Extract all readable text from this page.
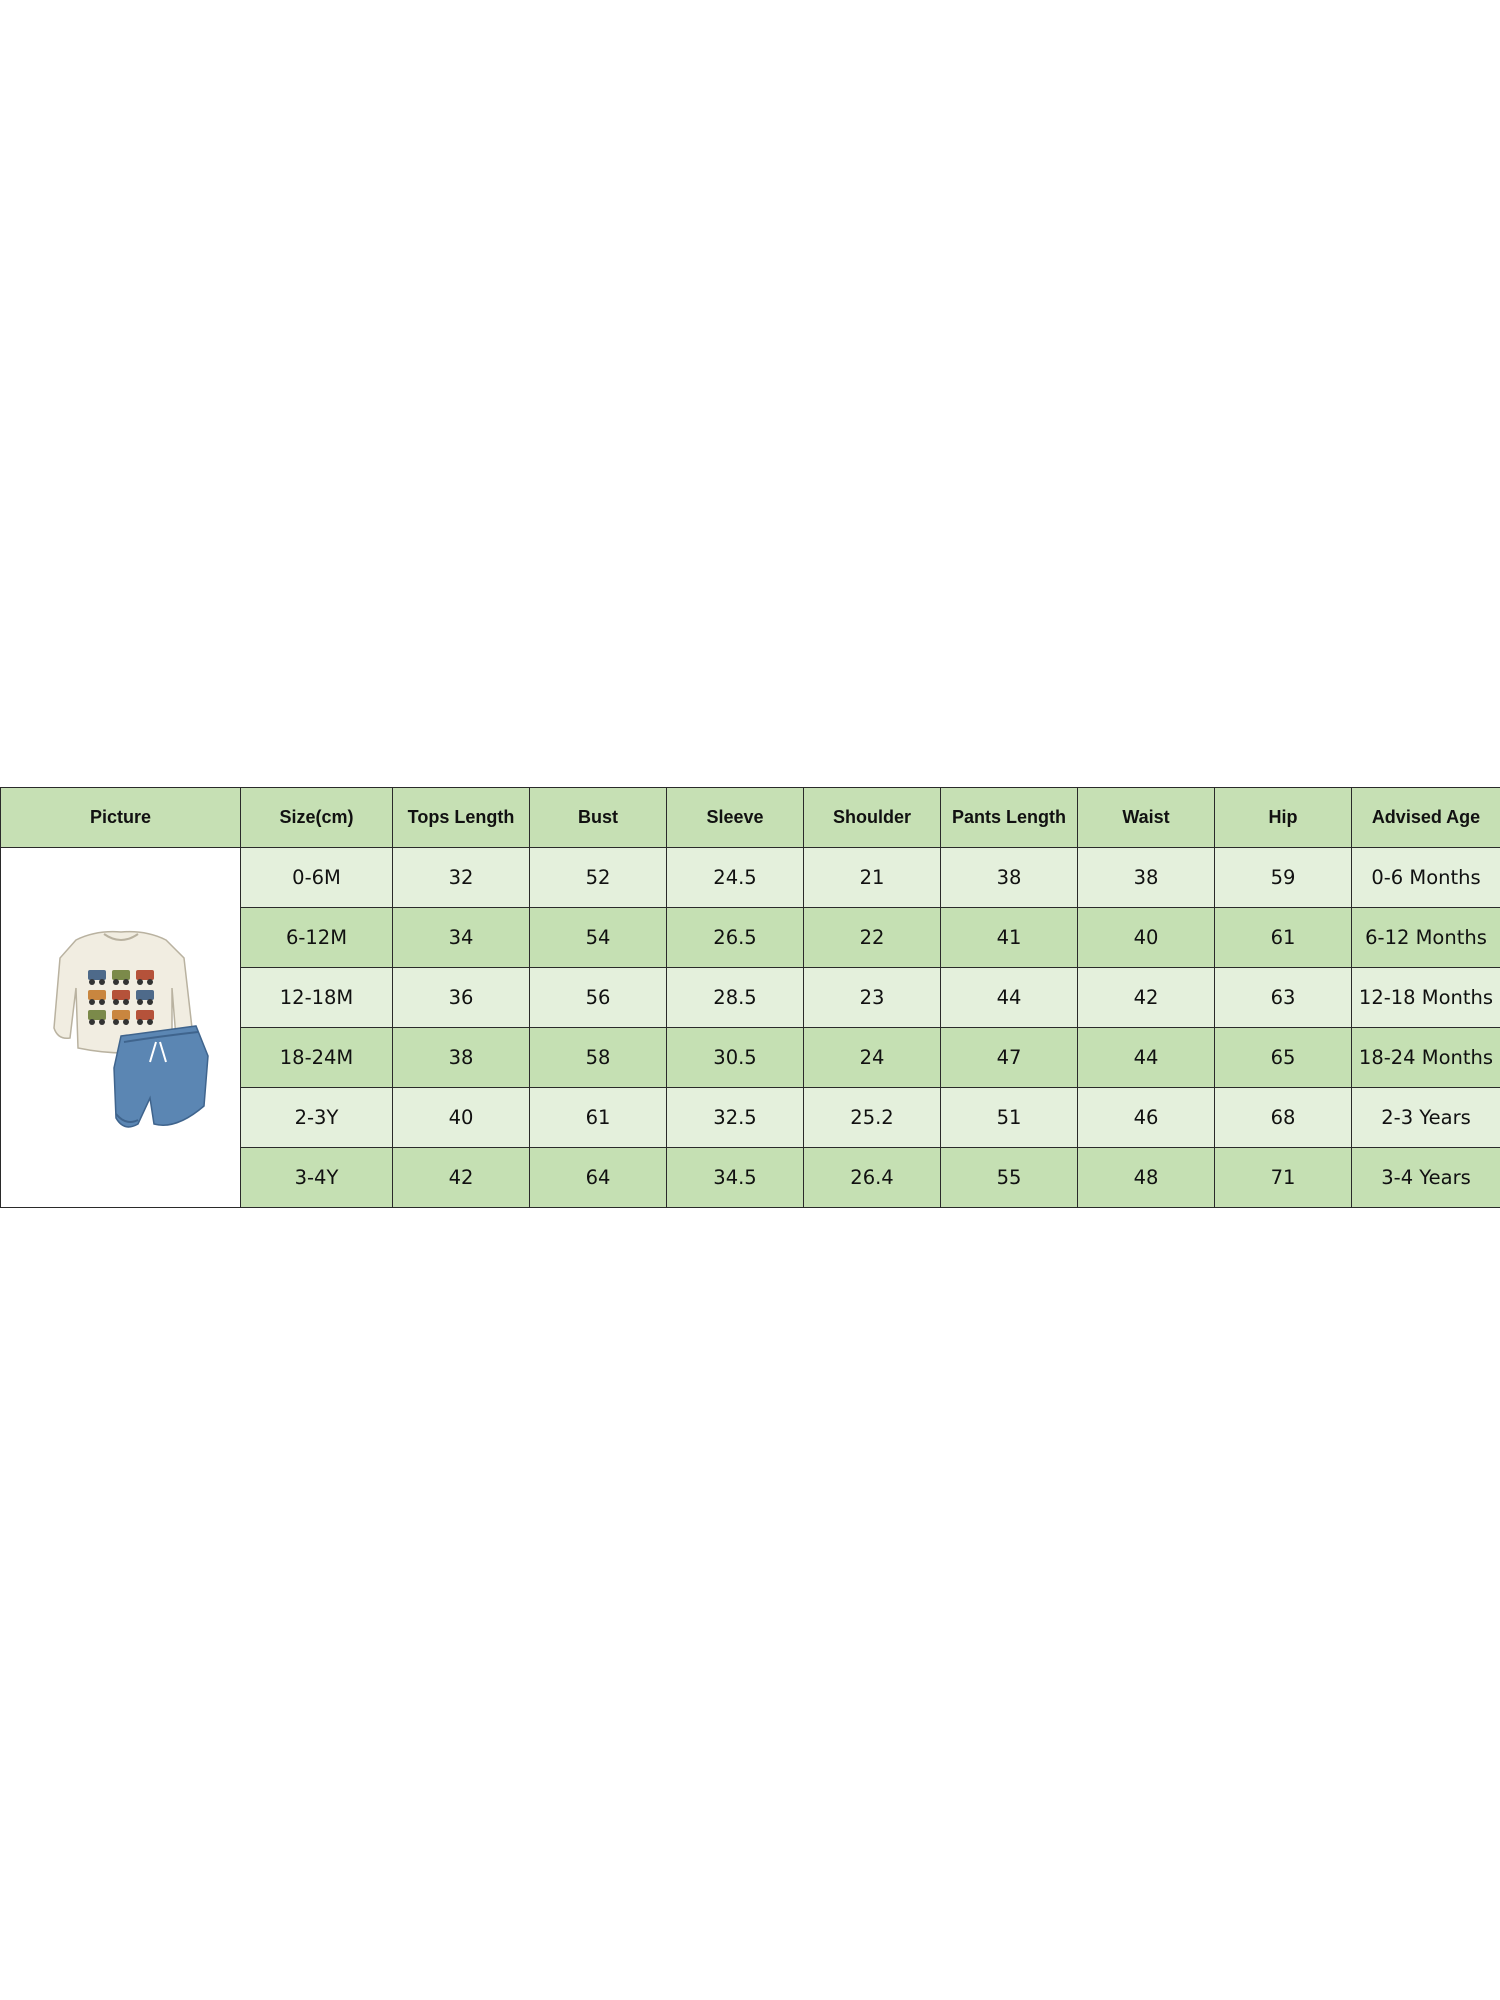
Picture	Size(cm)	Tops Length	Bust	Sleeve	Shoulder	Pants Length	Waist	Hip	Advised Age

	0-6M	32	52	24.5	21	38	38	59	0-6 Months
	6-12M	34	54	26.5	22	41	40	61	6-12 Months
	12-18M	36	56	28.5	23	44	42	63	12-18 Months
	18-24M	38	58	30.5	24	47	44	65	18-24 Months
	2-3Y	40	61	32.5	25.2	51	46	68	2-3 Years
	3-4Y	42	64	34.5	26.4	55	48	71	3-4 Years
